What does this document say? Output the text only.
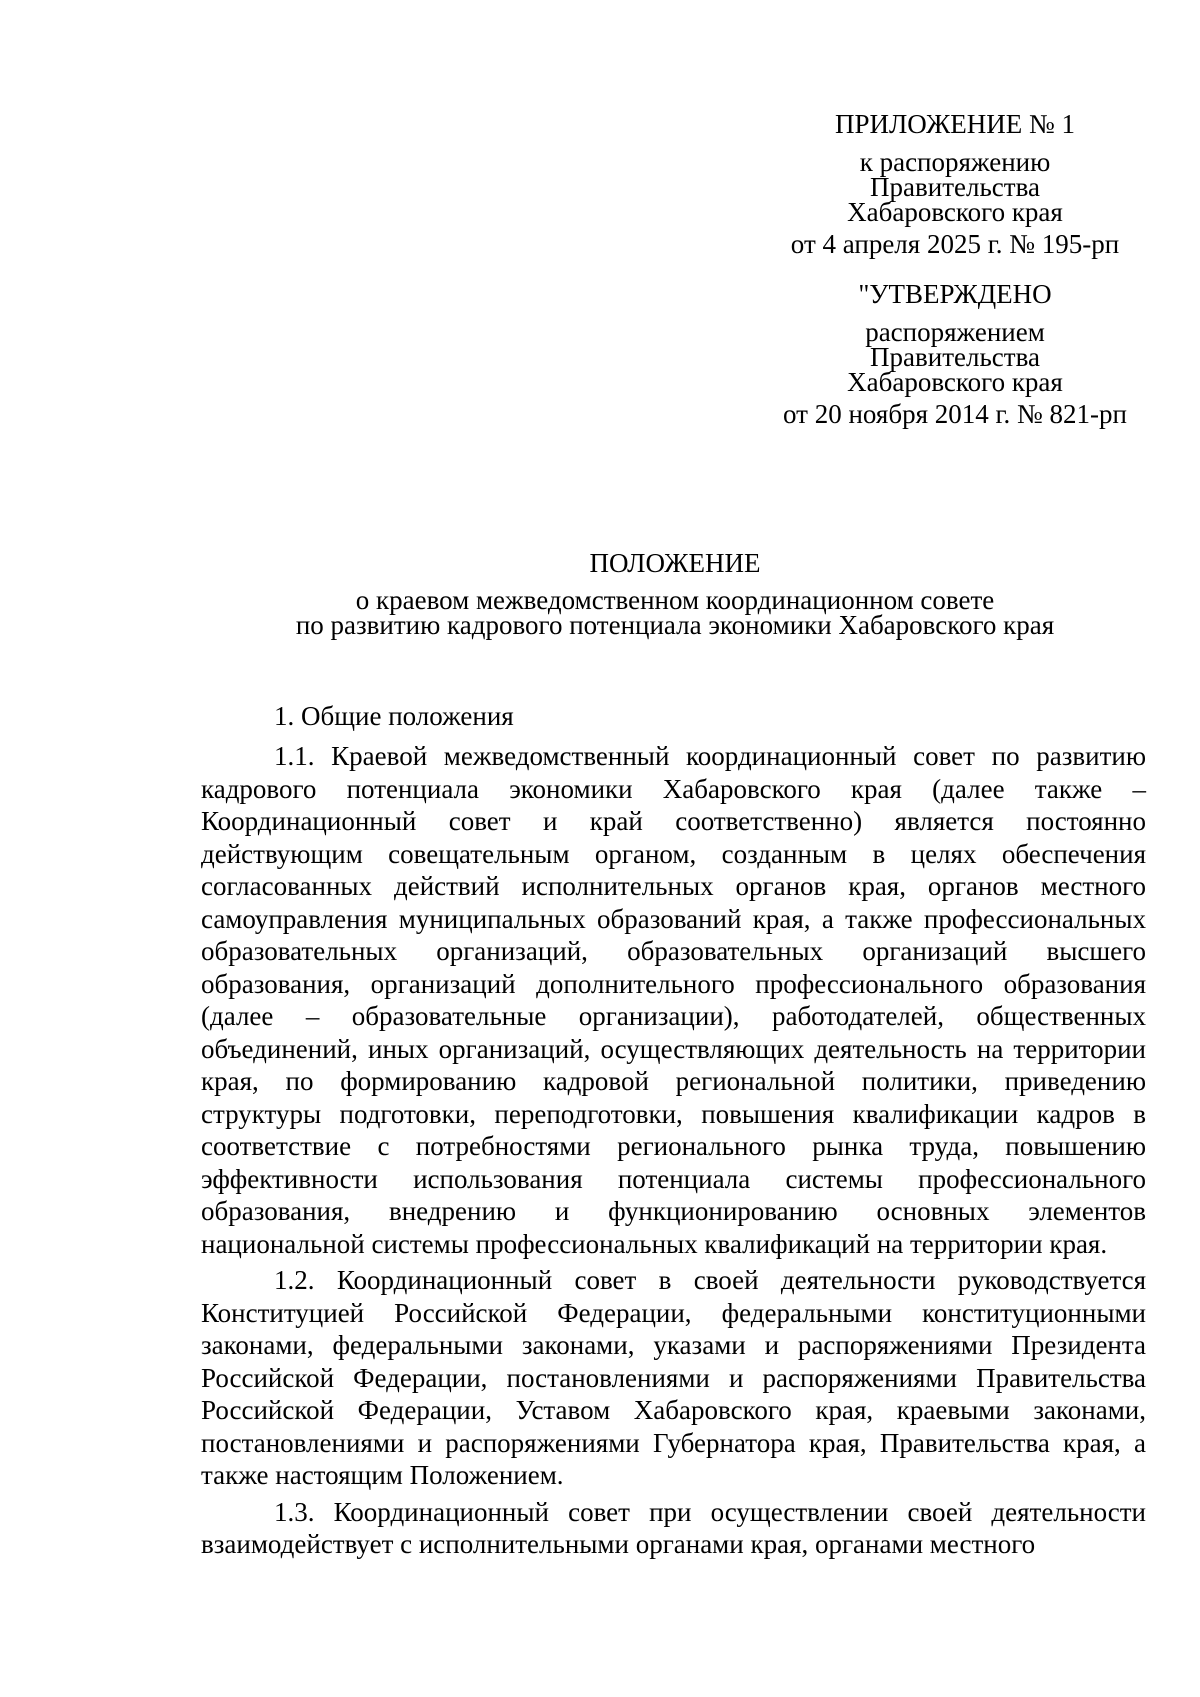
ПРИЛОЖЕНИЕ № 1
к распоряжению
Правительства
Хабаровского края
от 4 апреля 2025 г. № 195-рп
"УТВЕРЖДЕНО
распоряжением
Правительства
Хабаровского края
от 20 ноября 2014 г. № 821-рп
ПОЛОЖЕНИЕ
о краевом межведомственном координационном совете
по развитию кадрового потенциала экономики Хабаровского края
1. Общие положения

1.1. Краевой межведомственный координационный совет по развитию кадрового потенциала экономики Хабаровского края (далее также – Координационный совет и край соответственно) является постоянно действующим совещательным органом, созданным в целях обеспечения согласованных действий исполнительных органов края, органов местного самоуправления муниципальных образований края, а также профессиональных образовательных организаций, образовательных организаций высшего образования, организаций дополнительного профессионального образования (далее – образовательные организации), работодателей, общественных объединений, иных организаций, осуществляющих деятельность на территории края, по формированию кадровой региональной политики, приведению структуры подготовки, переподготовки, повышения квалификации кадров в соответствие с потребностями регионального рынка труда, повышению эффективности использования потенциала системы профессионального образования, внедрению и функционированию основных элементов национальной системы профессиональных квалификаций на территории края.

1.2. Координационный совет в своей деятельности руководствуется Конституцией Российской Федерации, федеральными конституционными законами, федеральными законами, указами и распоряжениями Президента Российской Федерации, постановлениями и распоряжениями Правительства Российской Федерации, Уставом Хабаровского края, краевыми законами, постановлениями и распоряжениями Губернатора края, Правительства края, а также настоящим Положением.

1.3. Координационный совет при осуществлении своей деятельности взаимодействует с исполнительными органами края, органами местного
